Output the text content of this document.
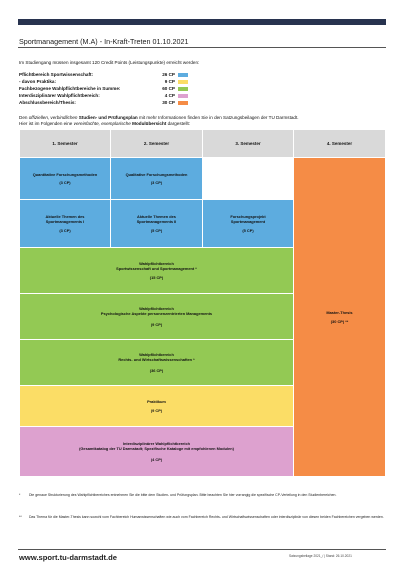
Sportmanagement (M.A) - In-Kraft-Treten 01.10.2021
Im Studiengang müssen insgesamt 120 Credit Points (Leistungspunkte) erreicht werden:
Pflichtbereich Sportwissenschaft:	26 CP
- davon Praktika:	9 CP
Fachbezogene Wahlpflichtbereiche in Summe:	60 CP
Interdisziplinärer Wahlpflichtbereich:	4 CP
Abschlussbereich/Thesis:	30 CP
Den offiziellen, verbindlichen Studien- und Prüfungsplan mit mehr Informationen finden Sie in den Satzungsbeilagen der TU Darmstadt.
Hier ist im Folgenden eine vereinfachte, exemplarische Modulübersicht dargestellt:
1. Semester	2. Semester	3. Semester	4. Semester
Quantitative Forschungsmethoden
(3 CP)
Qualitative Forschungsmethoden
(3 CP)
Aktuelle Themen des Sportmanagements I
(3 CP)
Aktuelle Themen des Sportmanagements II
(5 CP)
Forschungsprojekt Sportmanagement
(5 CP)
Wahlpflichtbereich
Sportwissenschaft und Sportmanagement *
(15 CP)
Wahlpflichtbereich
Psychologische Aspekte personenzentrierten Managements
(9 CP)
Wahlpflichtbereich
Rechts- und Wirtschaftswissenschaften *
(36 CP)
Praktikum
(9 CP)
Interdisziplinärer Wahlpflichtbereich
(Gesamtkatalog der TU Darmstadt; Spezifische Kataloge mit empfohlenen Modulen)
(4 CP)
Master-Thesis
(30 CP) **
*	Die genaue Strukturierung des Wahlpflichtbereiches entnehmen Sie die bitte dem Studien- und Prüfungsplan. Bitte beachten Sie hier vorrangig die spezifische CP-Verteilung in den Studienbereichen.
**	Das Thema für die Master-Thesis kann sowohl vom Fachbereich Humanwissenschaften wie auch vom Fachbereich Rechts- und Wirtschaftswissenschaften oder interdisziplinär von diesen beiden Fachbereichen vergeben werden.
www.sport.tu-darmstadt.de	Satzungsbeilage 2021_/ | Stand: 26.10.2021
